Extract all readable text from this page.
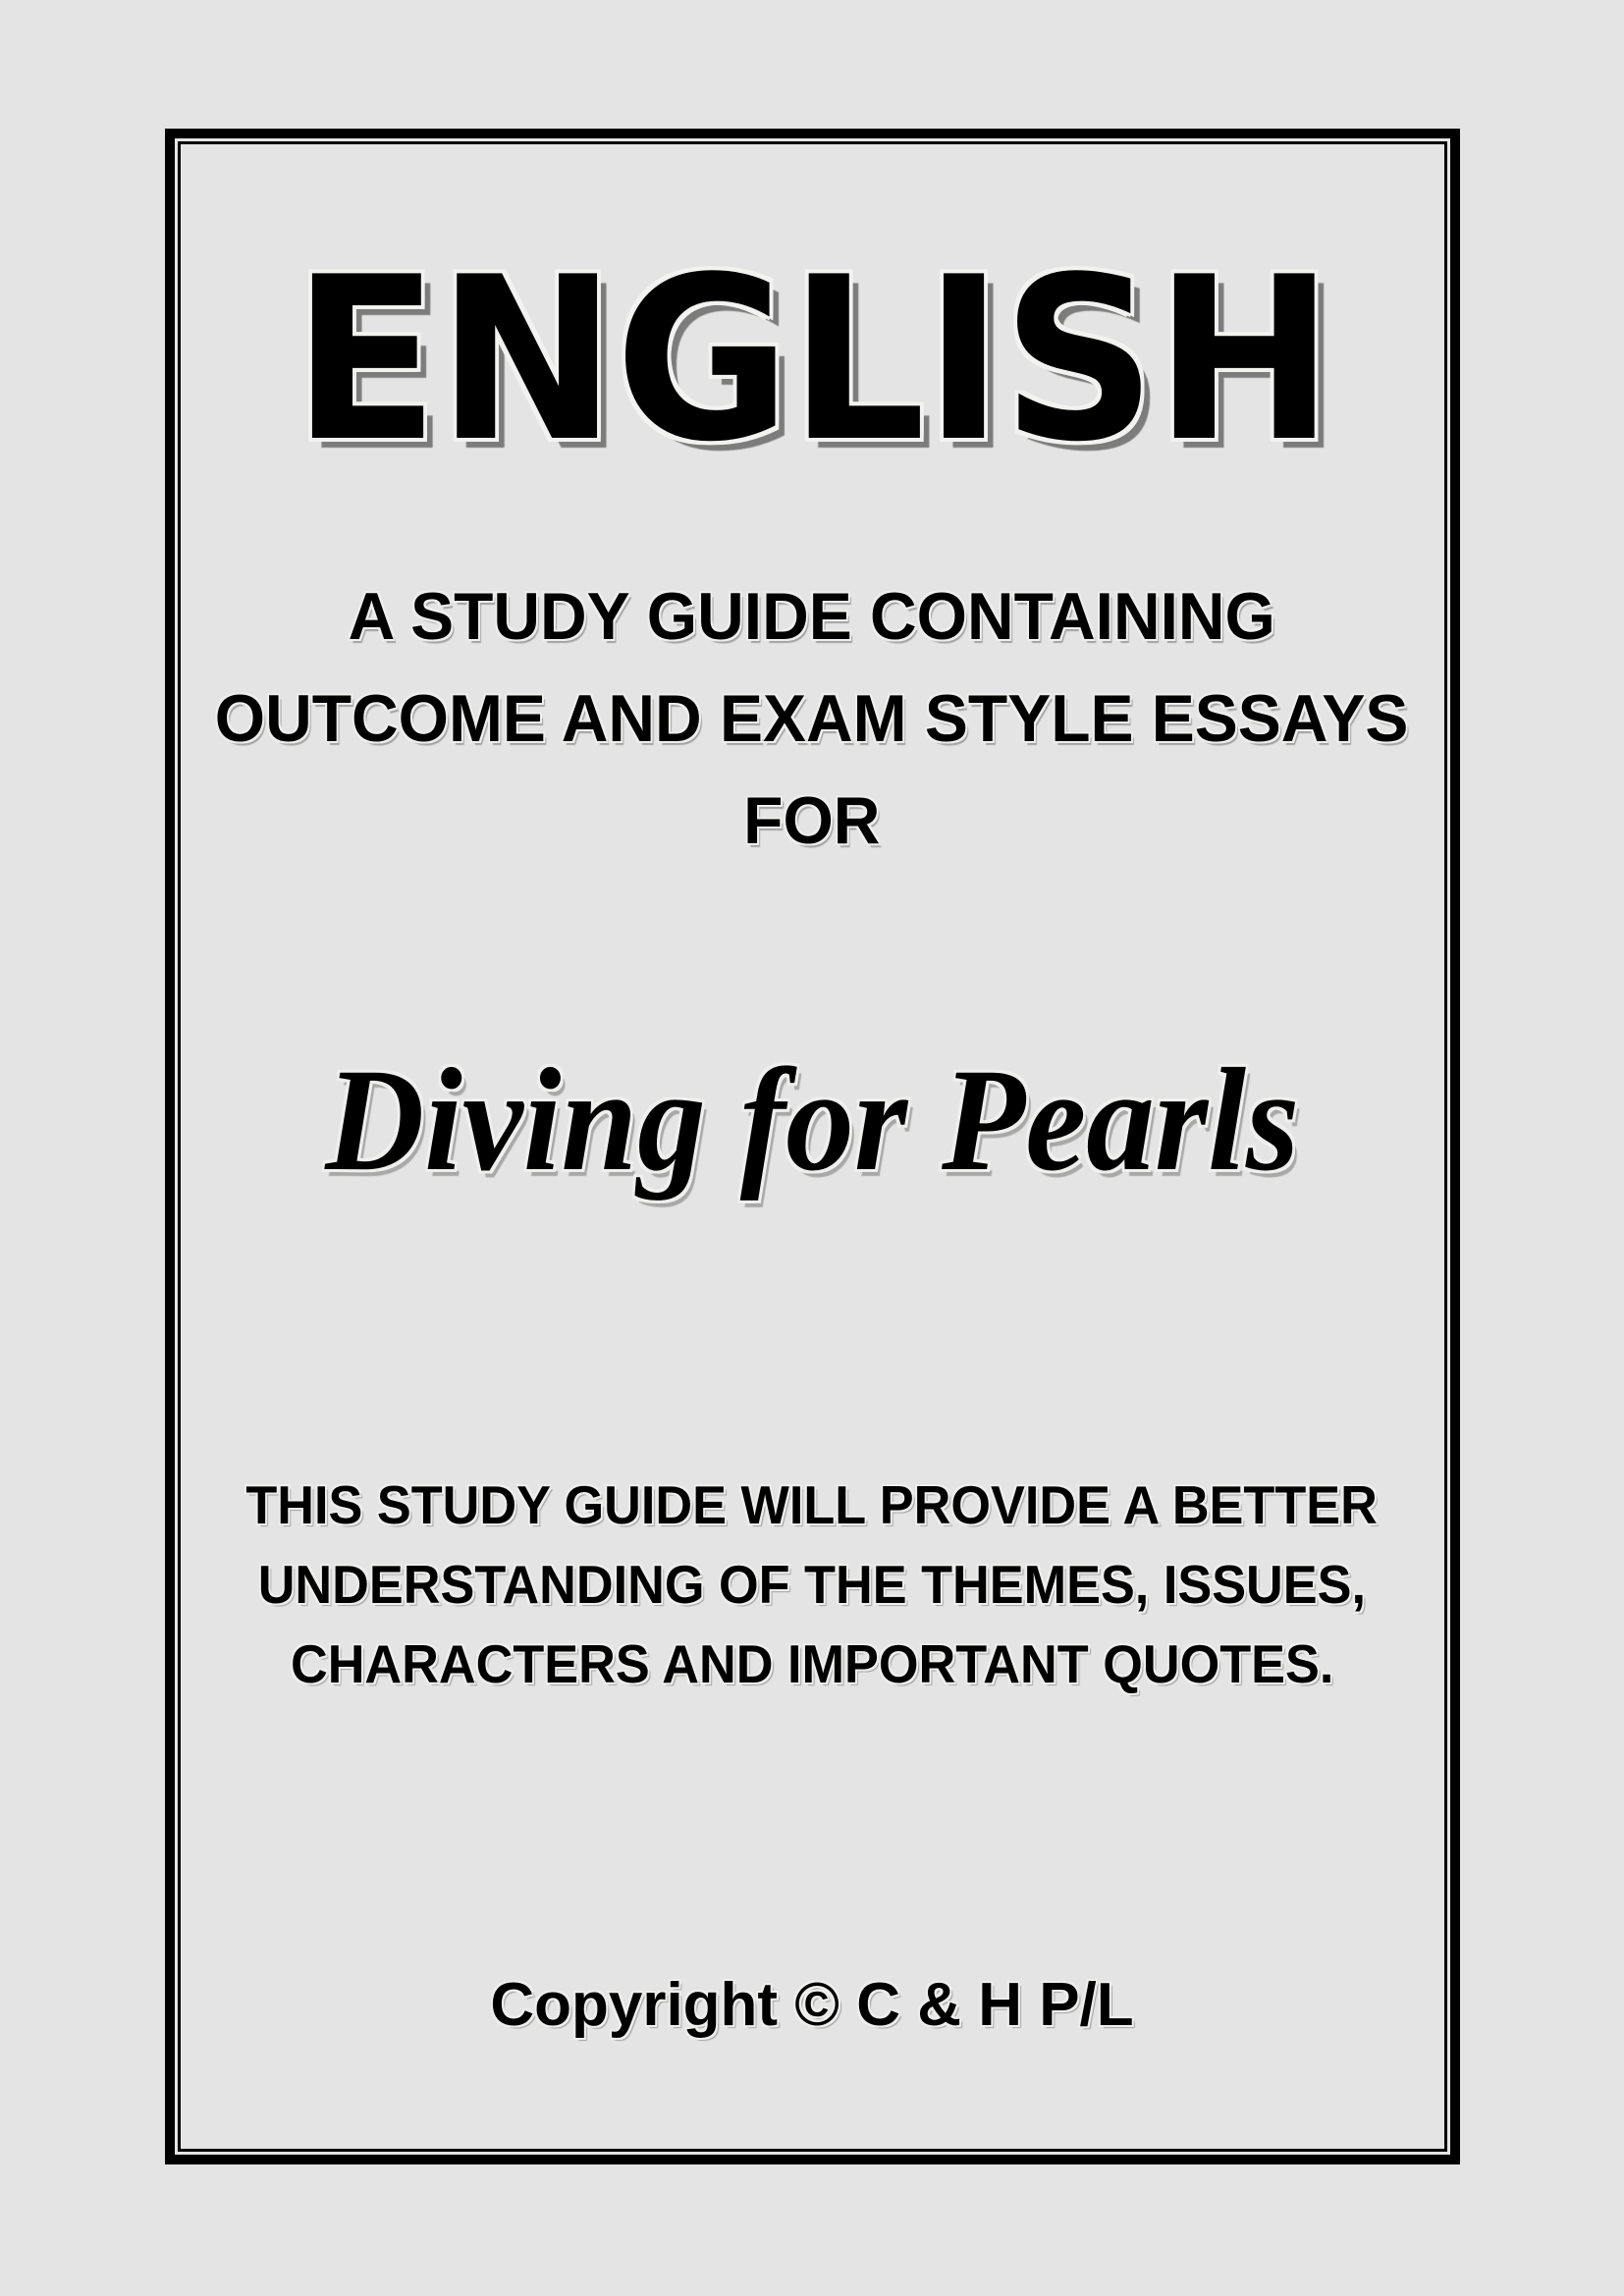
ENGLISH
A STUDY GUIDE CONTAINING
OUTCOME AND EXAM STYLE ESSAYS
FOR
Diving for Pearls
THIS STUDY GUIDE WILL PROVIDE A BETTER
UNDERSTANDING OF THE THEMES, ISSUES,
CHARACTERS AND IMPORTANT QUOTES.
Copyright © C & H P/L
